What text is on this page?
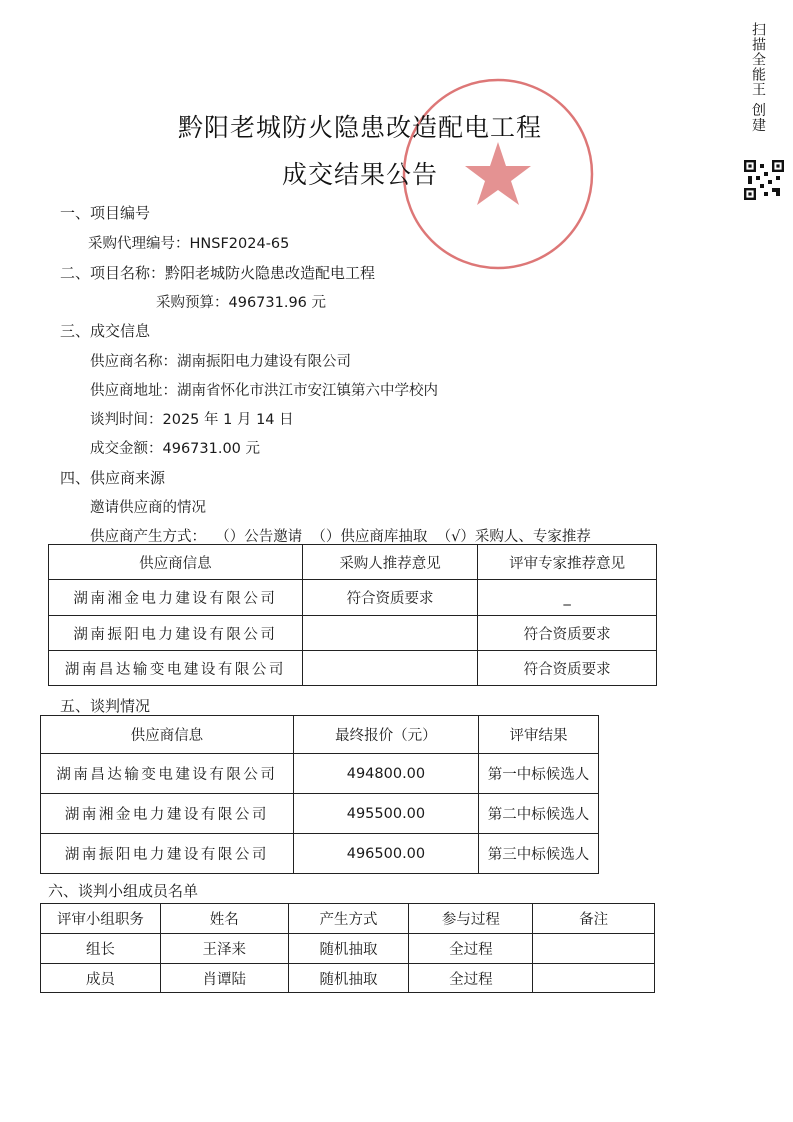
扫描全能王 创建
黔阳老城防火隐患改造配电工程
成交结果公告
一、项目编号
采购代理编号：HNSF2024-65
二、项目名称：黔阳老城防火隐患改造配电工程
采购预算：496731.96 元
三、成交信息
供应商名称：湖南振阳电力建设有限公司
供应商地址：湖南省怀化市洪江市安江镇第六中学校内
谈判时间：2025 年 1 月 14 日
成交金额：496731.00 元
四、供应商来源
邀请供应商的情况
供应商产生方式：  （）公告邀请  （）供应商库抽取  （√）采购人、专家推荐
供应商信息	采购人推荐意见	评审专家推荐意见
湖南湘金电力建设有限公司	符合资质要求	_
湖南振阳电力建设有限公司		符合资质要求
湖南昌达输变电建设有限公司		符合资质要求
五、谈判情况
供应商信息	最终报价（元）	评审结果
湖南昌达输变电建设有限公司	494800.00	第一中标候选人
湖南湘金电力建设有限公司	495500.00	第二中标候选人
湖南振阳电力建设有限公司	496500.00	第三中标候选人
六、谈判小组成员名单
评审小组职务	姓名	产生方式	参与过程	备注
组长	王泽来	随机抽取	全过程	
成员	肖谭陆	随机抽取	全过程	
